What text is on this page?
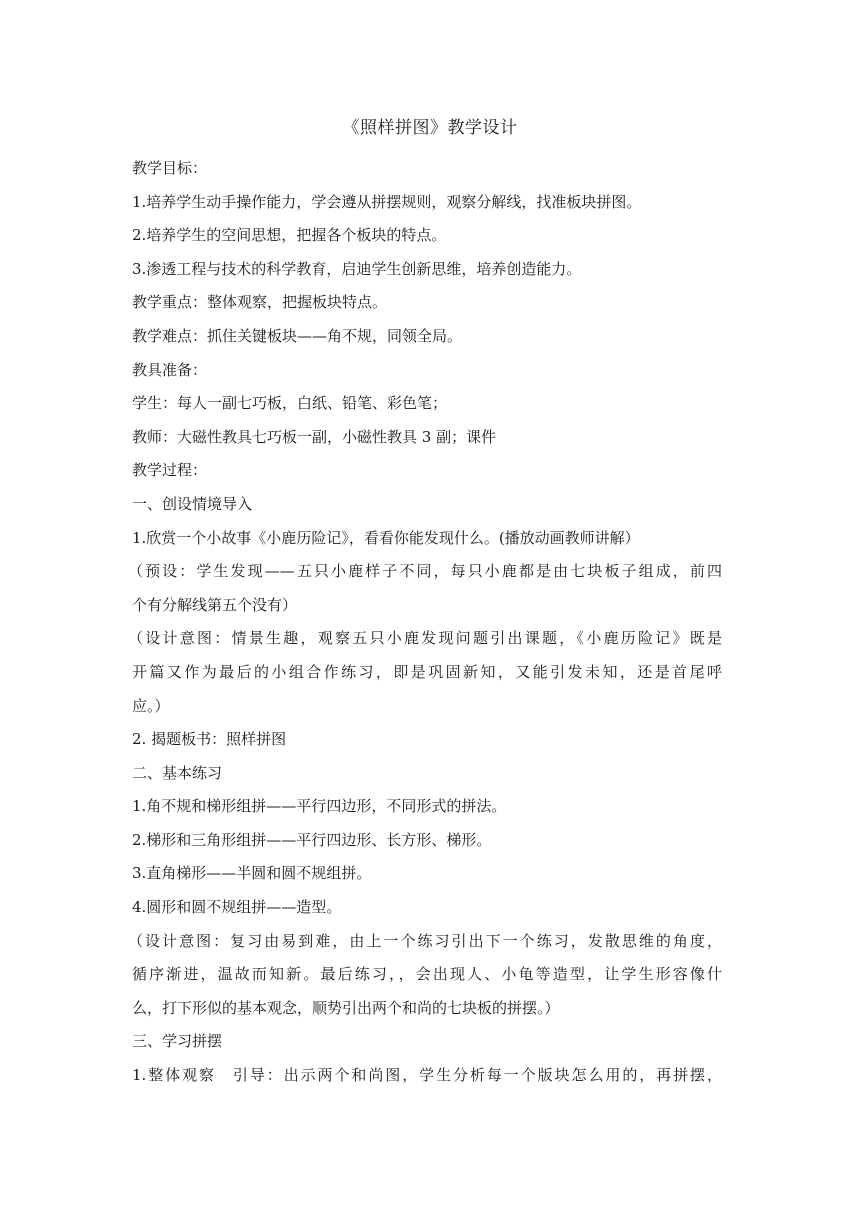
《照样拼图》教学设计
教学目标：
1.培养学生动手操作能力，学会遵从拼摆规则，观察分解线，找准板块拼图。
2.培养学生的空间思想，把握各个板块的特点。
3.渗透工程与技术的科学教育，启迪学生创新思维，培养创造能力。
教学重点：整体观察，把握板块特点。
教学难点：抓住关键板块——角不规，同领全局。
教具准备：
学生：每人一副七巧板，白纸、铅笔、彩色笔；
教师：大磁性教具七巧板一副，小磁性教具 3 副；课件
教学过程：
一、创设情境导入
1.欣赏一个小故事《小鹿历险记》，看看你能发现什么。(播放动画教师讲解）
（预设：学生发现——五只小鹿样子不同，每只小鹿都是由七块板子组成，前四
个有分解线第五个没有）
（设计意图：情景生趣，观察五只小鹿发现问题引出课题，《小鹿历险记》既是
开篇又作为最后的小组合作练习，即是巩固新知，又能引发未知，还是首尾呼
应。）
2. 揭题板书：照样拼图
二、基本练习
1.角不规和梯形组拼——平行四边形，不同形式的拼法。
2.梯形和三角形组拼——平行四边形、长方形、梯形。
3.直角梯形——半圆和圆不规组拼。
4.圆形和圆不规组拼——造型。
（设计意图：复习由易到难，由上一个练习引出下一个练习，发散思维的角度，
循序渐进，温故而知新。最后练习，，会出现人、小龟等造型，让学生形容像什
么，打下形似的基本观念，顺势引出两个和尚的七块板的拼摆。）
三、学习拼摆
1.整体观察　引导：出示两个和尚图，学生分析每一个版块怎么用的，再拼摆，
